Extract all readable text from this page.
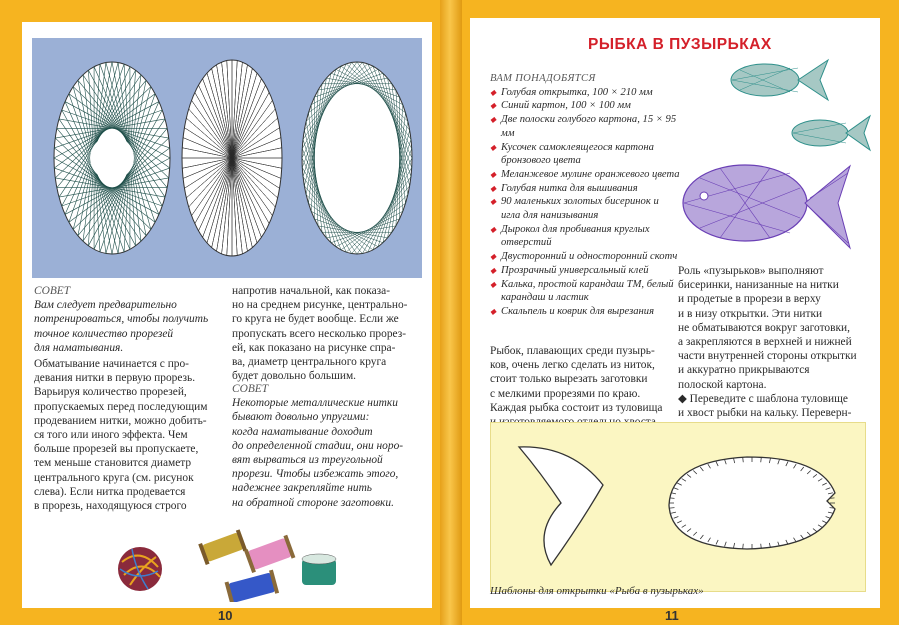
СОВЕТ

Вам следует предварительно

потренироваться, чтобы получить

точное количество прорезей

для наматывания.

Обматывание начинается с про-

девания нитки в первую прорезь.

Варьируя количество прорезей,

пропускаемых перед последующим

продеванием нитки, можно добить-

ся того или иного эффекта. Чем

больше прорезей вы пропускаете,

тем меньше становится диаметр

центрального круга (см. рисунок

слева). Если нитка продевается

в прорезь, находящуюся строго

напротив начальной, как показа-

но на среднем рисунке, центрально-

го круга не будет вообще. Если же

пропускать всего несколько прорез-

ей, как показано на рисунке спра-

ва, диаметр центрального круга

будет довольно большим.

СОВЕТ

Некоторые металлические нитки

бывают довольно упругими:

когда наматывание доходит

до определенной стадии, они норо-

вят вырваться из треугольной

прорези. Чтобы избежать этого,

надежнее закрепляйте нить

на обратной стороне заготовки.

10
РЫБКА В ПУЗЫРЬКАХ
ВАМ ПОНАДОБЯТСЯ
◆ Голубая открытка, 100 × 210 мм
◆ Синий картон, 100 × 100 мм
◆ Две полоски голубого картона, 15 × 95 мм
◆ Кусочек самоклеящегося картона бронзового цвета
◆ Меланжевое мулине оранжевого цвета
◆ Голубая нитка для вышивания
◆ 90 маленьких золотых бисеринок и игла для нанизывания
◆ Дырокол для пробивания круглых отверстий
◆ Двусторонний и односторонний скотч
◆ Прозрачный универсальный клей
◆ Калька, простой карандаш ТМ, белый карандаш и ластик
◆ Скальпель и коврик для вырезания

Рыбок, плавающих среди пузырь-

ков, очень легко сделать из ниток,

стоит только вырезать заготовки

с мелкими прорезями по краю.

Каждая рыбка состоит из туловища

Роль «пузырьков» выполняют

бисеринки, нанизанные на нитки

и продетые в прорези в верху

и в низу открытки. Эти нитки

не обматываются вокруг заготовки,

а закрепляются в верхней и нижней

части внутренней стороны открытки

и аккуратно прикрываются

полоской картона.

◆ Переведите с шаблона туловище

и хвост рыбки на кальку. Переверн-

Шаблоны для открытки «Рыба в пузырьках»
11
